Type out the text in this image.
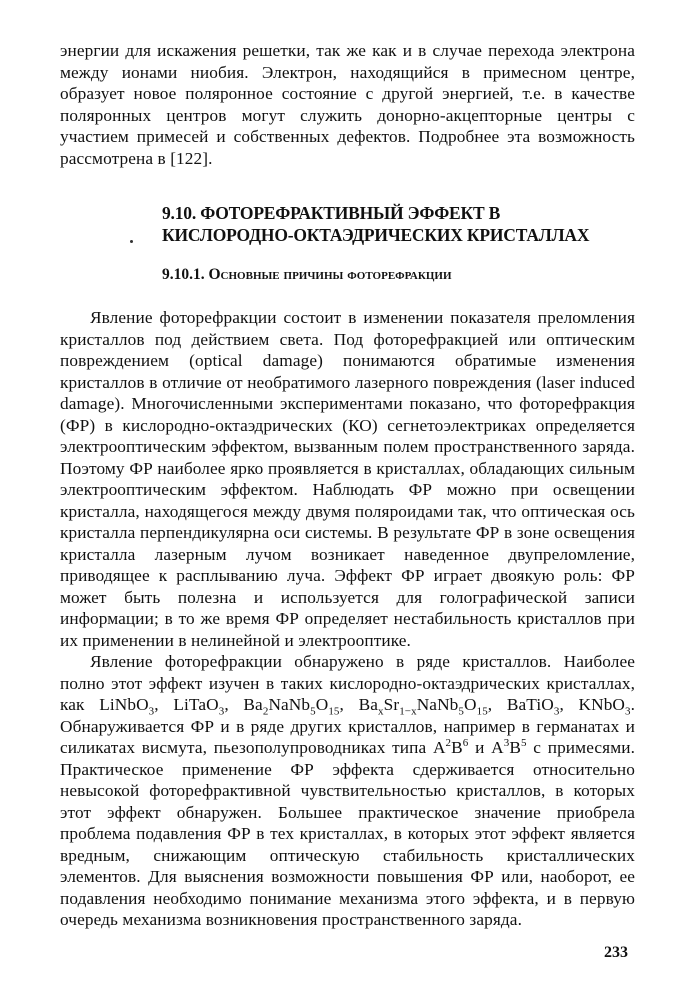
энергии для искажения решетки, так же как и в случае перехода электрона между ионами ниобия. Электрон, находящийся в примесном центре, образует новое поляронное состояние с другой энергией, т.е. в качестве поляронных центров могут служить донорно-акцепторные центры с участием примесей и собственных дефектов. Подробнее эта возможность рассмотрена в [122].

9.10. ФОТОРЕФРАКТИВНЫЙ ЭФФЕКТ В
КИСЛОРОДНО-ОКТАЭДРИЧЕСКИХ КРИСТАЛЛАХ
9.10.1. Основные причины фоторефракции

Явление фоторефракции состоит в изменении показателя преломления кристаллов под действием света. Под фоторефракцией или оптическим повреждением (optical damage) понимаются обратимые изменения кристаллов в отличие от необратимого лазерного повреждения (laser induced damage). Многочисленными экспериментами показано, что фоторефракция (ФР) в кислородно-октаэдрических (КО) сегнетоэлектриках определяется электрооптическим эффектом, вызванным полем пространственного заряда. Поэтому ФР наиболее ярко проявляется в кристаллах, обладающих сильным электрооптическим эффектом. Наблюдать ФР можно при освещении кристалла, находящегося между двумя поляроидами так, что оптическая ось кристалла перпендикулярна оси системы. В результате ФР в зоне освещения кристалла лазерным лучом возникает наведенное двупреломление, приводящее к расплыванию луча. Эффект ФР играет двоякую роль: ФР может быть полезна и используется для голографической записи информации; в то же время ФР определяет нестабильность кристаллов при их применении в нелинейной и электрооптике.

Явление фоторефракции обнаружено в ряде кристаллов. Наиболее полно этот эффект изучен в таких кислородно-октаэдрических кристаллах, как LiNbO$_3$, LiTaO$_3$, $Ba_2NaNb_5O_{15}$, $Ba_xSr_{1-x}NaNb_5O_{15}$, BaTiO$_3$, KNbO$_3$. Обнаруживается ФР и в ряде других кристаллов, например в германатах и силикатах висмута, пьезополупроводниках типа $A^2B^6$ и $A^3B^5$ с примесями. Практическое применение ФР эффекта сдерживается относительно невысокой фоторефрактивной чувствительностью кристаллов, в которых этот эффект обнаружен. Большее практическое значение приобрела проблема подавления ФР в тех кристаллах, в которых этот эффект является вредным, снижающим оптическую стабильность кристаллических элементов. Для выяснения возможности повышения ФР или, наоборот, ее подавления необходимо понимание механизма этого эффекта, и в первую очередь механизма возникновения пространственного заряда.

233
